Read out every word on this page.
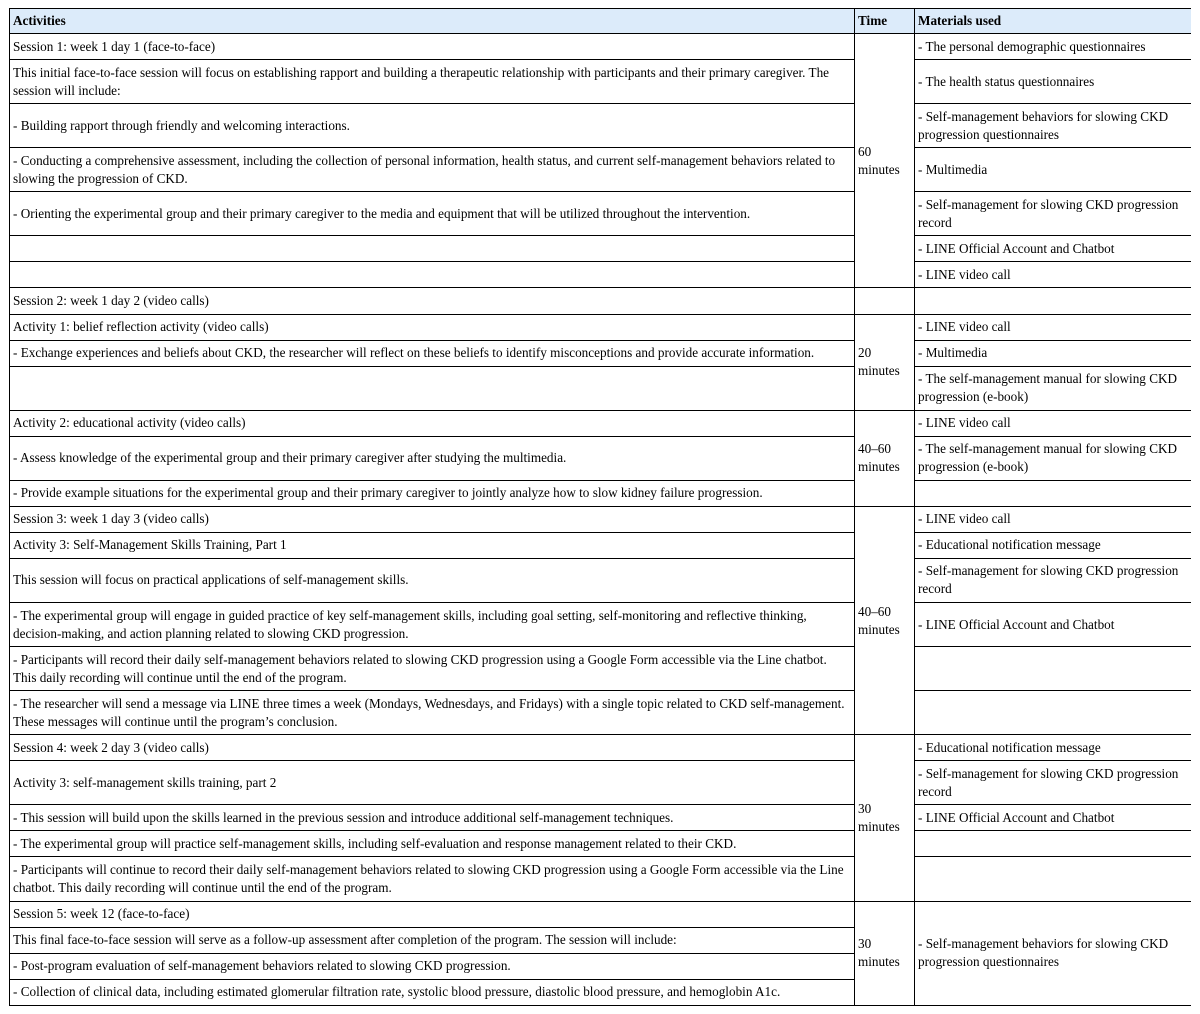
Activities	Time	Materials used
Session 1: week 1 day 1 (face-to-face)	60 minutes	- The personal demographic questionnaires
This initial face-to-face session will focus on establishing rapport and building a therapeutic relationship with participants and their primary caregiver. The session will include:		- The health status questionnaires
- Building rapport through friendly and welcoming interactions.		- Self-management behaviors for slowing CKD progression questionnaires
- Conducting a comprehensive assessment, including the collection of personal information, health status, and current self-management behaviors related to slowing the progression of CKD.		- Multimedia
- Orienting the experimental group and their primary caregiver to the media and equipment that will be utilized throughout the intervention.		- Self-management for slowing CKD progression record
		- LINE Official Account and Chatbot
		- LINE video call
Session 2: week 1 day 2 (video calls)		
Activity 1: belief reflection activity (video calls)	20 minutes	- LINE video call
- Exchange experiences and beliefs about CKD, the researcher will reflect on these beliefs to identify misconceptions and provide accurate information.		- Multimedia
		- The self-management manual for slowing CKD progression (e-book)
Activity 2: educational activity (video calls)	40–60 minutes	- LINE video call
- Assess knowledge of the experimental group and their primary caregiver after studying the multimedia.		- The self-management manual for slowing CKD progression (e-book)
- Provide example situations for the experimental group and their primary caregiver to jointly analyze how to slow kidney failure progression.		
Session 3: week 1 day 3 (video calls)	40–60 minutes	- LINE video call
Activity 3: Self-Management Skills Training, Part 1		- Educational notification message
This session will focus on practical applications of self-management skills.		- Self-management for slowing CKD progression record
- The experimental group will engage in guided practice of key self-management skills, including goal setting, self-monitoring and reflective thinking, decision-making, and action planning related to slowing CKD progression.		- LINE Official Account and Chatbot
- Participants will record their daily self-management behaviors related to slowing CKD progression using a Google Form accessible via the Line chatbot. This daily recording will continue until the end of the program.		
- The researcher will send a message via LINE three times a week (Mondays, Wednesdays, and Fridays) with a single topic related to CKD self-management. These messages will continue until the program’s conclusion.		
Session 4: week 2 day 3 (video calls)	30 minutes	- Educational notification message
Activity 3: self-management skills training, part 2		- Self-management for slowing CKD progression record
- This session will build upon the skills learned in the previous session and introduce additional self-management techniques.		- LINE Official Account and Chatbot
- The experimental group will practice self-management skills, including self-evaluation and response management related to their CKD.		
- Participants will continue to record their daily self-management behaviors related to slowing CKD progression using a Google Form accessible via the Line chatbot. This daily recording will continue until the end of the program.		
Session 5: week 12 (face-to-face)	30 minutes	- Self-management behaviors for slowing CKD progression questionnaires
This final face-to-face session will serve as a follow-up assessment after completion of the program. The session will include:		
- Post-program evaluation of self-management behaviors related to slowing CKD progression.		
- Collection of clinical data, including estimated glomerular filtration rate, systolic blood pressure, diastolic blood pressure, and hemoglobin A1c.		
